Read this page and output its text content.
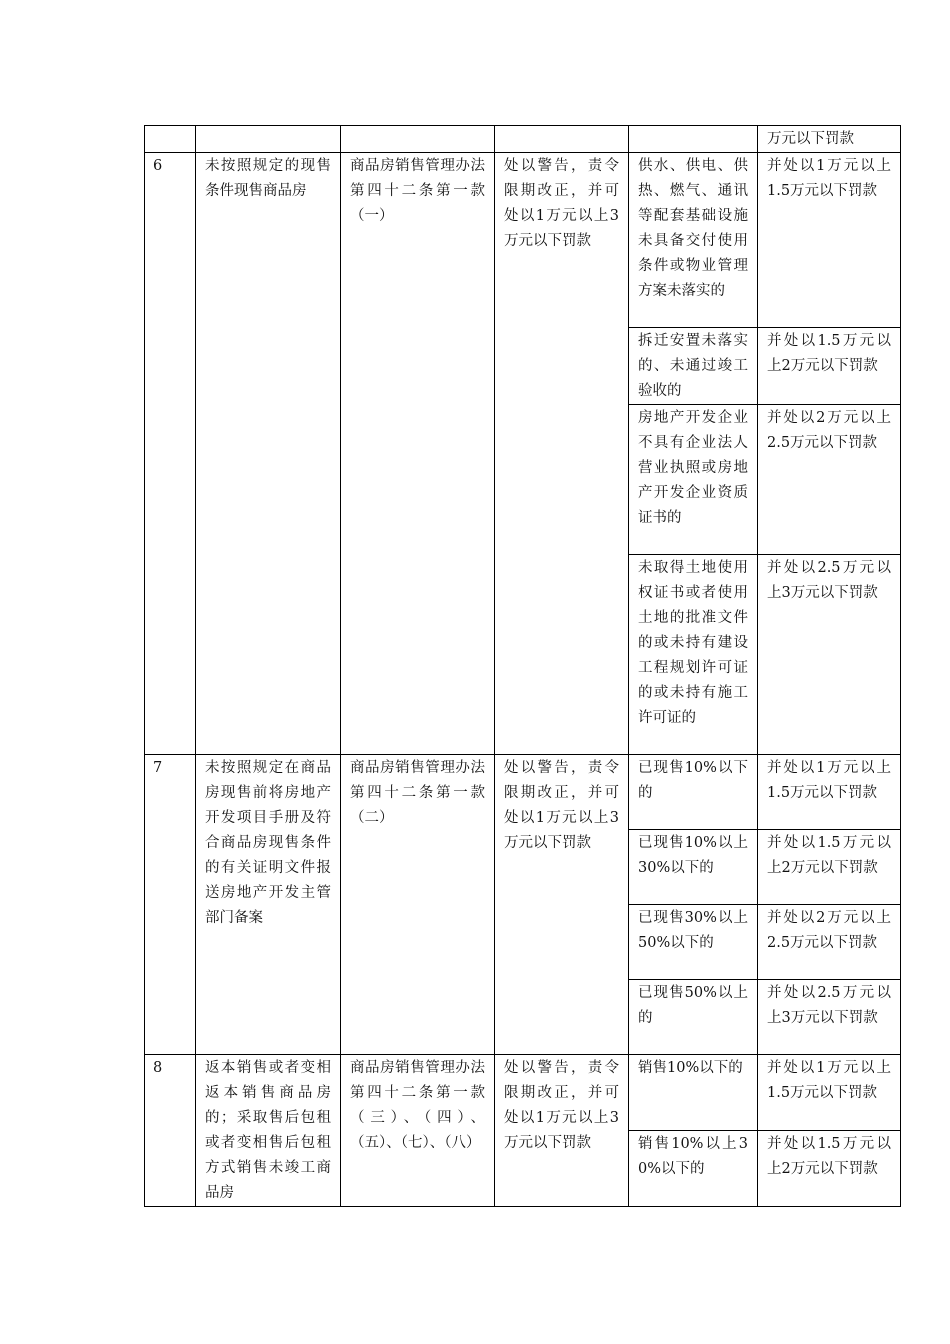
					万元以下罚款

6	未按照规定的现售条件现售商品房	商品房销售管理办法第四十二条第一款（一）	处以警告，责令限期改正，并可处以1万元以上3万元以下罚款	供水、供电、供热、燃气、通讯等配套基础设施未具备交付使用条件或物业管理方案未落实的	并处以1万元以上1.5万元以下罚款

				拆迁安置未落实的、未通过竣工验收的	并处以1.5万元以上2万元以下罚款

				房地产开发企业不具有企业法人营业执照或房地产开发企业资质证书的	并处以2万元以上2.5万元以下罚款

				未取得土地使用权证书或者使用土地的批准文件的或未持有建设工程规划许可证的或未持有施工许可证的	并处以2.5万元以上3万元以下罚款

7	未按照规定在商品房现售前将房地产开发项目手册及符合商品房现售条件的有关证明文件报送房地产开发主管部门备案	商品房销售管理办法第四十二条第一款（二）	处以警告，责令限期改正，并可处以1万元以上3万元以下罚款	已现售10%以下的	并处以1万元以上1.5万元以下罚款

				已现售10%以上30%以下的	并处以1.5万元以上2万元以下罚款

				已现售30%以上50%以下的	并处以2万元以上2.5万元以下罚款

				已现售50%以上的	并处以2.5万元以上3万元以下罚款

8	返本销售或者变相返本销售商品房的；采取售后包租或者变相售后包租方式销售未竣工商品房	商品房销售管理办法第四十二条第一款（三）、（四）、（五）、（七）、（八）	处以警告，责令限期改正，并可处以1万元以上3万元以下罚款	销售10%以下的	并处以1万元以上1.5万元以下罚款

				销售10%以上30%以下的	并处以1.5万元以上2万元以下罚款
